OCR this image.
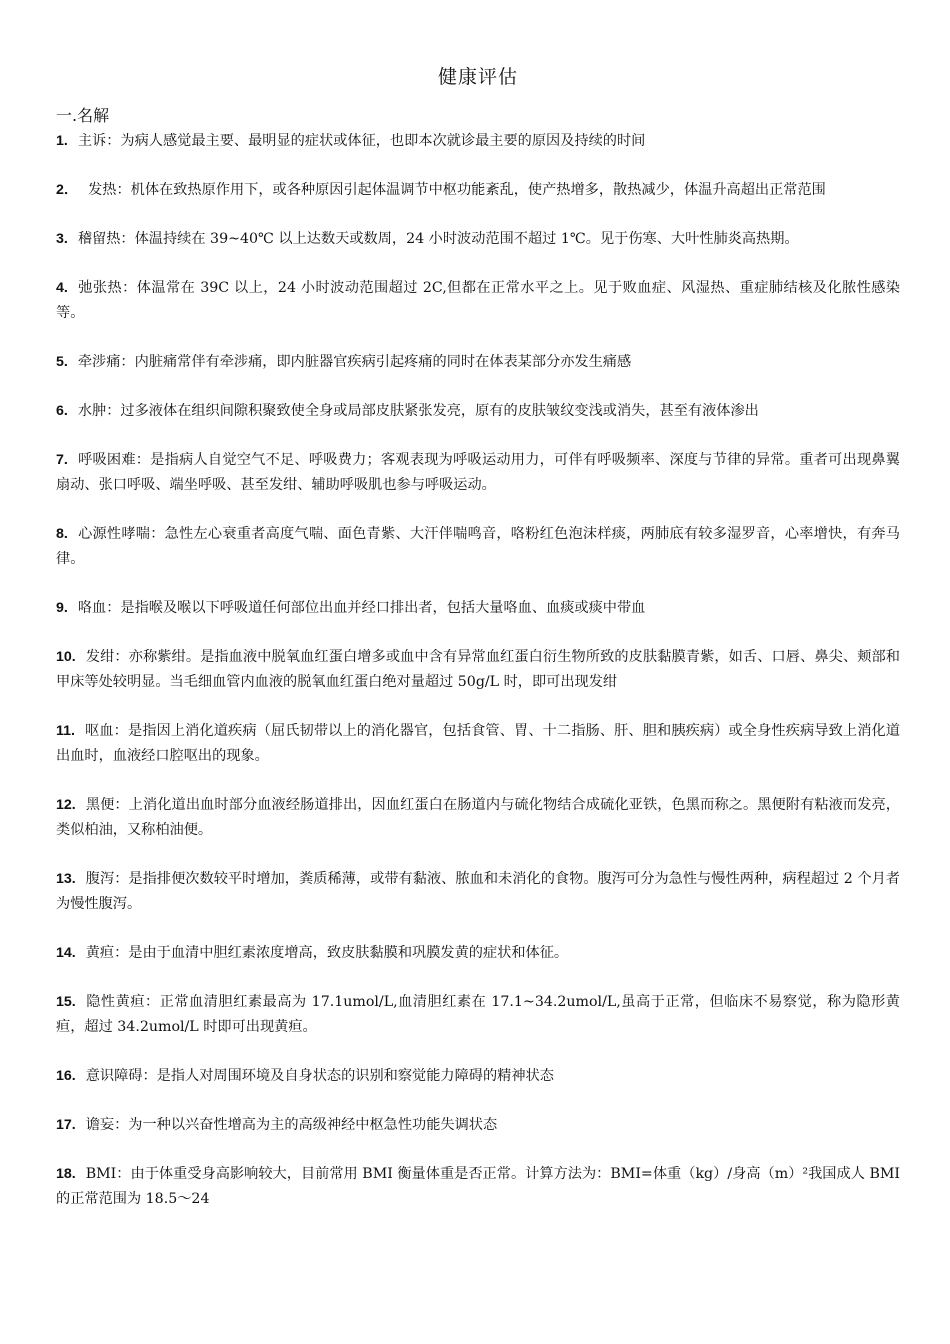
健康评估
一.名解
1. 主诉：为病人感觉最主要、最明显的症状或体征，也即本次就诊最主要的原因及持续的时间
2． 发热：机体在致热原作用下，或各种原因引起体温调节中枢功能紊乱，使产热增多，散热减少，体温升高超出正常范围
3. 稽留热：体温持续在 39~40℃ 以上达数天或数周，24 小时波动范围不超过 1℃。见于伤寒、大叶性肺炎高热期。
4. 弛张热：体温常在 39C 以上，24 小时波动范围超过 2C,但都在正常水平之上。见于败血症、风湿热、重症肺结核及化脓性感染等。
5. 牵涉痛：内脏痛常伴有牵涉痛，即内脏器官疾病引起疼痛的同时在体表某部分亦发生痛感
6. 水肿：过多液体在组织间隙积聚致使全身或局部皮肤紧张发亮，原有的皮肤皱纹变浅或消失，甚至有液体渗出
7. 呼吸困难：是指病人自觉空气不足、呼吸费力；客观表现为呼吸运动用力，可伴有呼吸频率、深度与节律的异常。重者可出现鼻翼扇动、张口呼吸、端坐呼吸、甚至发绀、辅助呼吸肌也参与呼吸运动。
8. 心源性哮喘：急性左心衰重者高度气喘、面色青紫、大汗伴喘鸣音，咯粉红色泡沫样痰，两肺底有较多湿罗音，心率增快，有奔马律。
9. 咯血：是指喉及喉以下呼吸道任何部位出血并经口排出者，包括大量咯血、血痰或痰中带血
10. 发绀：亦称紫绀。是指血液中脱氧血红蛋白增多或血中含有异常血红蛋白衍生物所致的皮肤黏膜青紫，如舌、口唇、鼻尖、颊部和甲床等处较明显。当毛细血管内血液的脱氧血红蛋白绝对量超过 50g/L 时，即可出现发绀
11. 呕血：是指因上消化道疾病（屈氏韧带以上的消化器官，包括食管、胃、十二指肠、肝、胆和胰疾病）或全身性疾病导致上消化道出血时，血液经口腔呕出的现象。
12. 黑便：上消化道出血时部分血液经肠道排出，因血红蛋白在肠道内与硫化物结合成硫化亚铁，色黑而称之。黑便附有粘液而发亮，类似柏油，又称柏油便。
13. 腹泻：是指排便次数较平时增加，粪质稀薄，或带有黏液、脓血和未消化的食物。腹泻可分为急性与慢性两种，病程超过 2 个月者为慢性腹泻。
14. 黄疸：是由于血清中胆红素浓度增高，致皮肤黏膜和巩膜发黄的症状和体征。
15. 隐性黄疸：正常血清胆红素最高为 17.1umol/L,血清胆红素在 17.1~34.2umol/L,虽高于正常，但临床不易察觉，称为隐形黄疸，超过 34.2umol/L 时即可出现黄疸。
16. 意识障碍：是指人对周围环境及自身状态的识别和察觉能力障碍的精神状态
17. 谵妄：为一种以兴奋性增高为主的高级神经中枢急性功能失调状态
18. BMI：由于体重受身高影响较大，目前常用 BMI 衡量体重是否正常。计算方法为：BMI=体重（kg）/身高（m）²我国成人 BMI 的正常范围为 18.5～24
